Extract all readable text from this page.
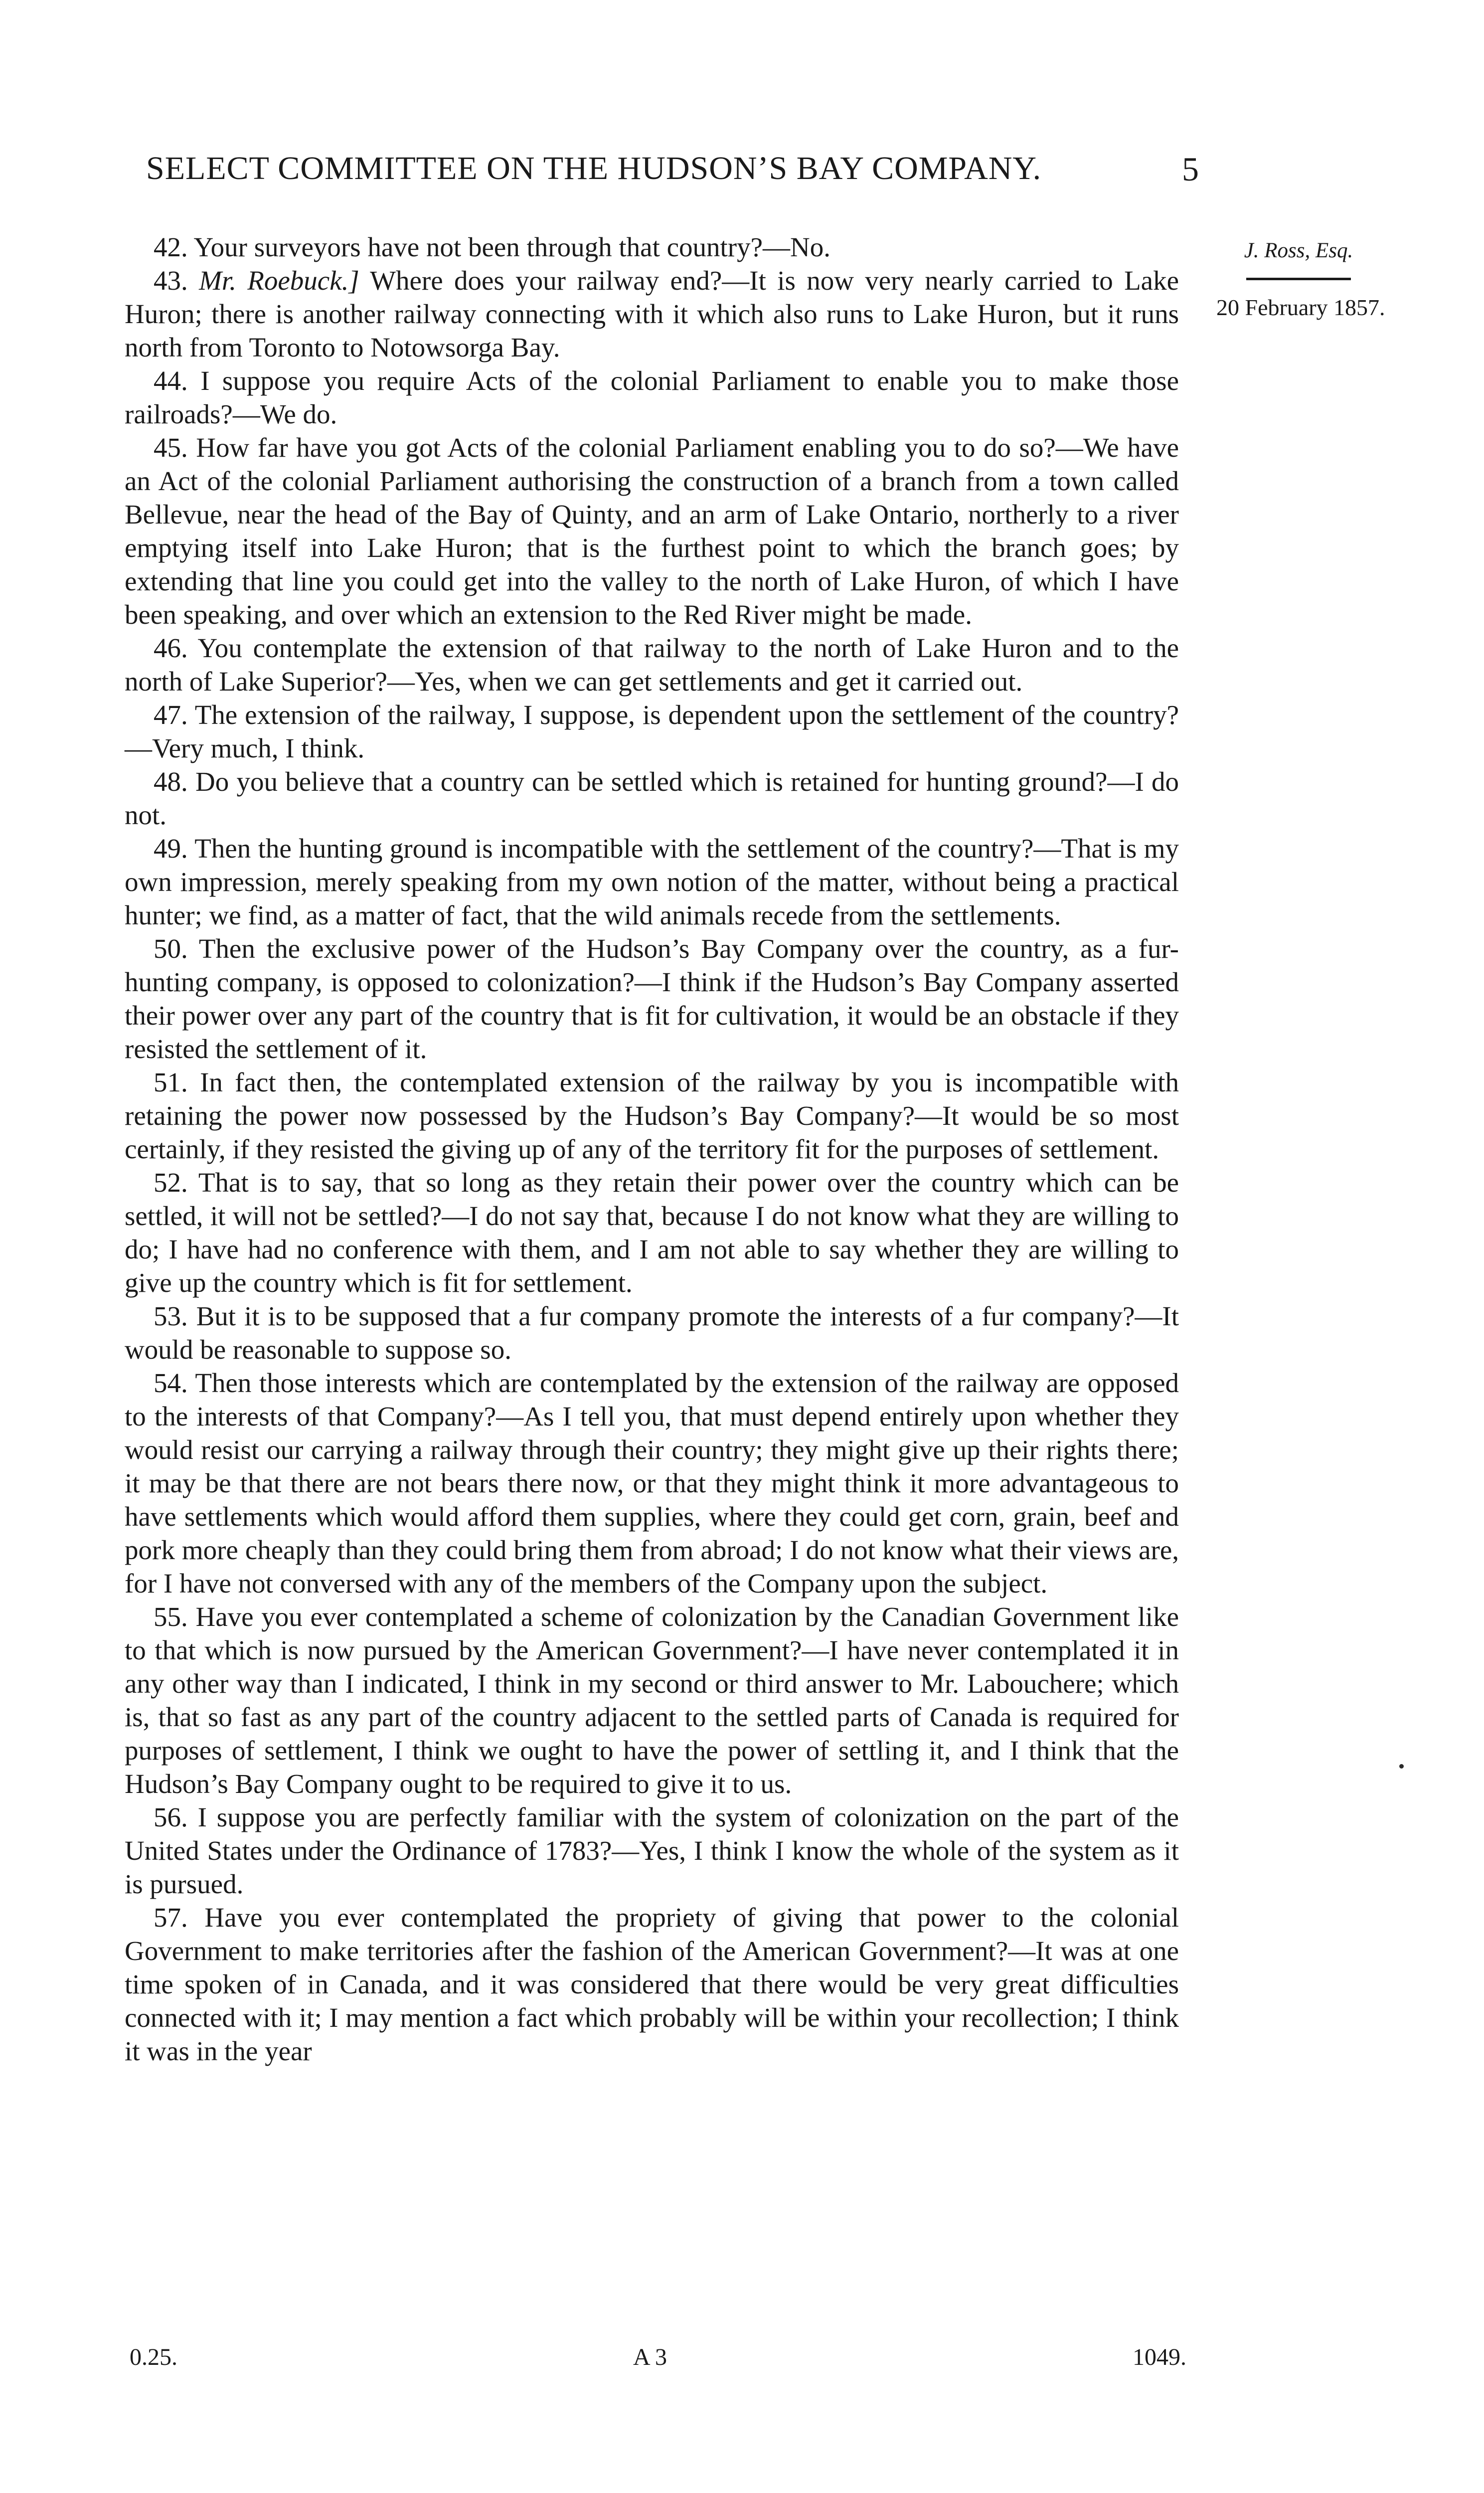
SELECT COMMITTEE ON THE HUDSON’S BAY COMPANY.	5
J. Ross, Esq.
20 February 1857.

42. Your surveyors have not been through that country?—No.

43. Mr. Roebuck.] Where does your railway end?—It is now very nearly carried to Lake Huron; there is another railway connecting with it which also runs to Lake Huron, but it runs north from Toronto to Notowsorga Bay.

44. I suppose you require Acts of the colonial Parliament to enable you to make those railroads?—We do.

45. How far have you got Acts of the colonial Parliament enabling you to do so?—We have an Act of the colonial Parliament authorising the construction of a branch from a town called Bellevue, near the head of the Bay of Quinty, and an arm of Lake Ontario, northerly to a river emptying itself into Lake Huron; that is the furthest point to which the branch goes; by extending that line you could get into the valley to the north of Lake Huron, of which I have been speaking, and over which an extension to the Red River might be made.

46. You contemplate the extension of that railway to the north of Lake Huron and to the north of Lake Superior?—Yes, when we can get settlements and get it carried out.

47. The extension of the railway, I suppose, is dependent upon the settlement of the country?—Very much, I think.

48. Do you believe that a country can be settled which is retained for hunting ground?—I do not.

49. Then the hunting ground is incompatible with the settlement of the country?—That is my own impression, merely speaking from my own notion of the matter, without being a practical hunter; we find, as a matter of fact, that the wild animals recede from the settlements.

50. Then the exclusive power of the Hudson’s Bay Company over the country, as a fur-hunting company, is opposed to colonization?—I think if the Hudson’s Bay Company asserted their power over any part of the country that is fit for cultivation, it would be an obstacle if they resisted the settlement of it.

51. In fact then, the contemplated extension of the railway by you is incompatible with retaining the power now possessed by the Hudson’s Bay Company?—It would be so most certainly, if they resisted the giving up of any of the territory fit for the purposes of settlement.

52. That is to say, that so long as they retain their power over the country which can be settled, it will not be settled?—I do not say that, because I do not know what they are willing to do; I have had no conference with them, and I am not able to say whether they are willing to give up the country which is fit for settlement.

53. But it is to be supposed that a fur company promote the interests of a fur company?—It would be reasonable to suppose so.

54. Then those interests which are contemplated by the extension of the railway are opposed to the interests of that Company?—As I tell you, that must depend entirely upon whether they would resist our carrying a railway through their country; they might give up their rights there; it may be that there are not bears there now, or that they might think it more advantageous to have settlements which would afford them supplies, where they could get corn, grain, beef and pork more cheaply than they could bring them from abroad; I do not know what their views are, for I have not conversed with any of the members of the Company upon the subject.

55. Have you ever contemplated a scheme of colonization by the Canadian Government like to that which is now pursued by the American Government?—I have never contemplated it in any other way than I indicated, I think in my second or third answer to Mr. Labouchere; which is, that so fast as any part of the country adjacent to the settled parts of Canada is required for purposes of settlement, I think we ought to have the power of settling it, and I think that the Hudson’s Bay Company ought to be required to give it to us.

56. I suppose you are perfectly familiar with the system of colonization on the part of the United States under the Ordinance of 1783?—Yes, I think I know the whole of the system as it is pursued.

57. Have you ever contemplated the propriety of giving that power to the colonial Government to make territories after the fashion of the American Government?—It was at one time spoken of in Canada, and it was considered that there would be very great difficulties connected with it; I may mention a fact which probably will be within your recollection; I think it was in the year

0.25.	A 3	1049.
